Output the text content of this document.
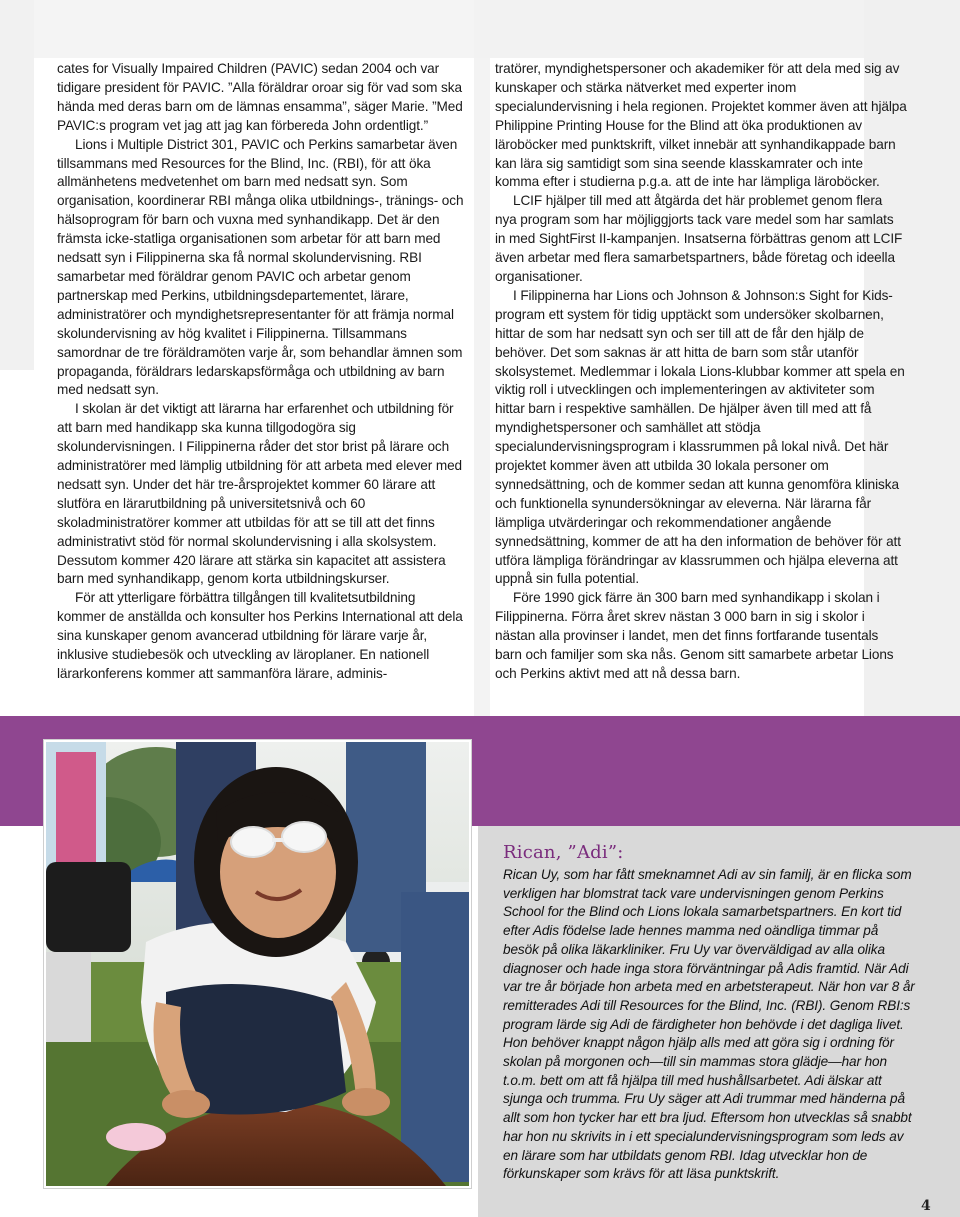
cates for Visually Impaired Children (PAVIC) sedan 2004 och var tidigare president för PAVIC. ”Alla föräldrar oroar sig för vad som ska hända med deras barn om de lämnas ensamma”, säger Marie. ”Med PAVIC:s program vet jag att jag kan förbereda John ordentligt.”

Lions i Multiple District 301, PAVIC och Perkins samarbetar även tillsammans med Resources for the Blind, Inc. (RBI), för att öka allmänhetens medvetenhet om barn med nedsatt syn. Som organisation, koordinerar RBI många olika utbildnings-, tränings- och hälsoprogram för barn och vuxna med synhandikapp. Det är den främsta icke-statliga organisationen som arbetar för att barn med nedsatt syn i Filippinerna ska få normal skolundervisning. RBI samarbetar med föräldrar genom PAVIC och arbetar genom partnerskap med Perkins, utbildningsdepartementet, lärare, administratörer och myndighetsrepresentanter för att främja normal skolundervisning av hög kvalitet i Filippinerna. Tillsammans samordnar de tre föräldramöten varje år, som behandlar ämnen som propaganda, föräldrars ledarskapsförmåga och utbildning av barn med nedsatt syn.

I skolan är det viktigt att lärarna har erfarenhet och utbildning för att barn med handikapp ska kunna tillgodogöra sig skolundervisningen. I Filippinerna råder det stor brist på lärare och administratörer med lämplig utbildning för att arbeta med elever med nedsatt syn. Under det här tre-årsprojektet kommer 60 lärare att slutföra en lärarutbildning på universitetsnivå och 60 skoladministratörer kommer att utbildas för att se till att det finns administrativt stöd för normal skolundervisning i alla skolsystem. Dessutom kommer 420 lärare att stärka sin kapacitet att assistera barn med synhandikapp, genom korta utbildningskurser.

För att ytterligare förbättra tillgången till kvalitetsutbildning kommer de anställda och konsulter hos Perkins International att dela sina kunskaper genom avancerad utbildning för lärare varje år, inklusive studiebesök och utveckling av läroplaner. En nationell lärarkonferens kommer att sammanföra lärare, adminis-

tratörer, myndighetspersoner och akademiker för att dela med sig av kunskaper och stärka nätverket med experter inom specialundervisning i hela regionen. Projektet kommer även att hjälpa Philippine Printing House for the Blind att öka produktionen av läroböcker med punktskrift, vilket innebär att synhandikappade barn kan lära sig samtidigt som sina seende klasskamrater och inte komma efter i studierna p.g.a. att de inte har lämpliga läroböcker.

LCIF hjälper till med att åtgärda det här problemet genom flera nya program som har möjliggjorts tack vare medel som har samlats in med SightFirst II-kampanjen. Insatserna förbättras genom att LCIF även arbetar med flera samarbetspartners, både företag och ideella organisationer.

I Filippinerna har Lions och Johnson & Johnson:s Sight for Kids-program ett system för tidig upptäckt som undersöker skolbarnen, hittar de som har nedsatt syn och ser till att de får den hjälp de behöver. Det som saknas är att hitta de barn som står utanför skolsystemet. Medlemmar i lokala Lions-klubbar kommer att spela en viktig roll i utvecklingen och implementeringen av aktiviteter som hittar barn i respektive samhällen. De hjälper även till med att få myndighetspersoner och samhället att stödja specialundervisningsprogram i klassrummen på lokal nivå. Det här projektet kommer även att utbilda 30 lokala personer om synnedsättning, och de kommer sedan att kunna genomföra kliniska och funktionella synundersökningar av eleverna. När lärarna får lämpliga utvärderingar och rekommendationer angående synnedsättning, kommer de att ha den information de behöver för att utföra lämpliga förändringar av klassrummen och hjälpa eleverna att uppnå sin fulla potential.

Före 1990 gick färre än 300 barn med synhandikapp i skolan i Filippinerna. Förra året skrev nästan 3 000 barn in sig i skolor i nästan alla provinser i landet, men det finns fortfarande tusentals barn och familjer som ska nås. Genom sitt samarbete arbetar Lions och Perkins aktivt med att nå dessa barn.

Rican, ”Adi”:
Rican Uy, som har fått smeknamnet Adi av sin familj, är en flicka som verkligen har blomstrat tack vare undervisningen genom Perkins School for the Blind och Lions lokala samarbetspartners. En kort tid efter Adis födelse lade hennes mamma ned oändliga timmar på besök på olika läkarkliniker. Fru Uy var överväldigad av alla olika diagnoser och hade inga stora förväntningar på Adis framtid. När Adi var tre år började hon arbeta med en arbetsterapeut. När hon var 8 år remitterades Adi till Resources for the Blind, Inc. (RBI). Genom RBI:s program lärde sig Adi de färdigheter hon behövde i det dagliga livet. Hon behöver knappt någon hjälp alls med att göra sig i ordning för skolan på morgonen och—till sin mammas stora glädje—har hon t.o.m. bett om att få hjälpa till med hushållsarbetet. Adi älskar att sjunga och trumma. Fru Uy säger att Adi trummar med händerna på allt som hon tycker har ett bra ljud. Eftersom hon utvecklas så snabbt har hon nu skrivits in i ett specialundervisningsprogram som leds av en lärare som har utbildats genom RBI. Idag utvecklar hon de förkunskaper som krävs för att läsa punktskrift.
4
